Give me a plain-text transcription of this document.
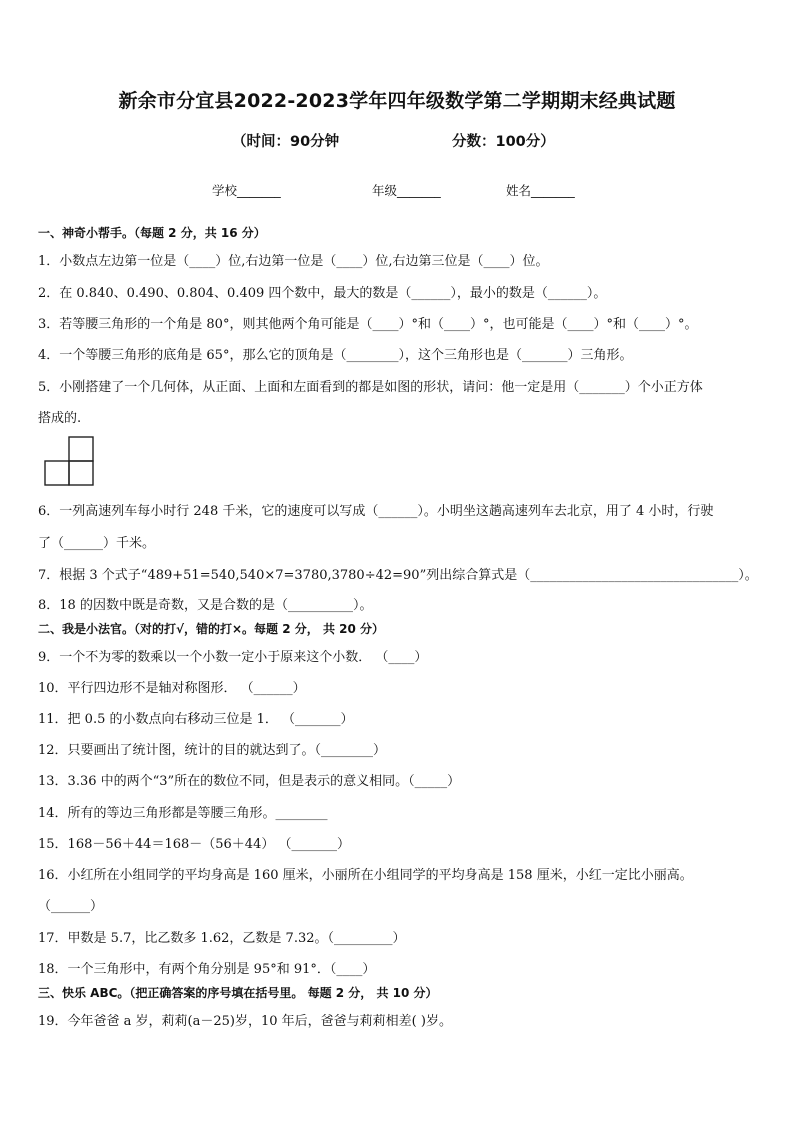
新余市分宜县2022-2023学年四年级数学第二学期期末经典试题
（时间：90分钟	分数：100分）
学校_______	年级_______	姓名_______
一、神奇小帮手。（每题 2 分，共 16 分）
1．小数点左边第一位是（____）位,右边第一位是（____）位,右边第三位是（____）位。
2．在 0.840、0.490、0.804、0.409 四个数中，最大的数是（______），最小的数是（______）。
3．若等腰三角形的一个角是 80°，则其他两个角可能是（____）°和（____）°，也可能是（____）°和（____）°。
4．一个等腰三角形的底角是 65°，那么它的顶角是（________），这个三角形也是（_______）三角形。
5．小刚搭建了一个几何体，从正面、上面和左面看到的都是如图的形状，请问：他一定是用（_______）个小正方体
搭成的.
6．一列高速列车每小时行 248 千米，它的速度可以写成（______）。小明坐这趟高速列车去北京，用了 4 小时，行驶
了（______）千米。
7．根据 3 个式子“489+51=540,540×7=3780,3780÷42=90”列出综合算式是（________________________________）。
8．18 的因数中既是奇数，又是合数的是（__________）。
二、我是小法官。（对的打√，错的打×。每题 2 分， 共 20 分）
9．一个不为零的数乘以一个小数一定小于原来这个小数． （____）
10．平行四边形不是轴对称图形． （______）
11．把 0.5 的小数点向右移动三位是 1． （_______）
12．只要画出了统计图，统计的目的就达到了。（________）
13．3.36 中的两个“3”所在的数位不同，但是表示的意义相同。（_____）
14．所有的等边三角形都是等腰三角形。________
15．168－56＋44＝168－（56＋44） （_______）
16．小红所在小组同学的平均身高是 160 厘米，小丽所在小组同学的平均身高是 158 厘米，小红一定比小丽高。
（______）
17．甲数是 5.7，比乙数多 1.62，乙数是 7.32。（_________）
18．一个三角形中，有两个角分别是 95°和 91°．（____）
三、快乐 ABC。（把正确答案的序号填在括号里。 每题 2 分， 共 10 分）
19．今年爸爸 a 岁，莉莉(a－25)岁，10 年后，爸爸与莉莉相差( )岁。
